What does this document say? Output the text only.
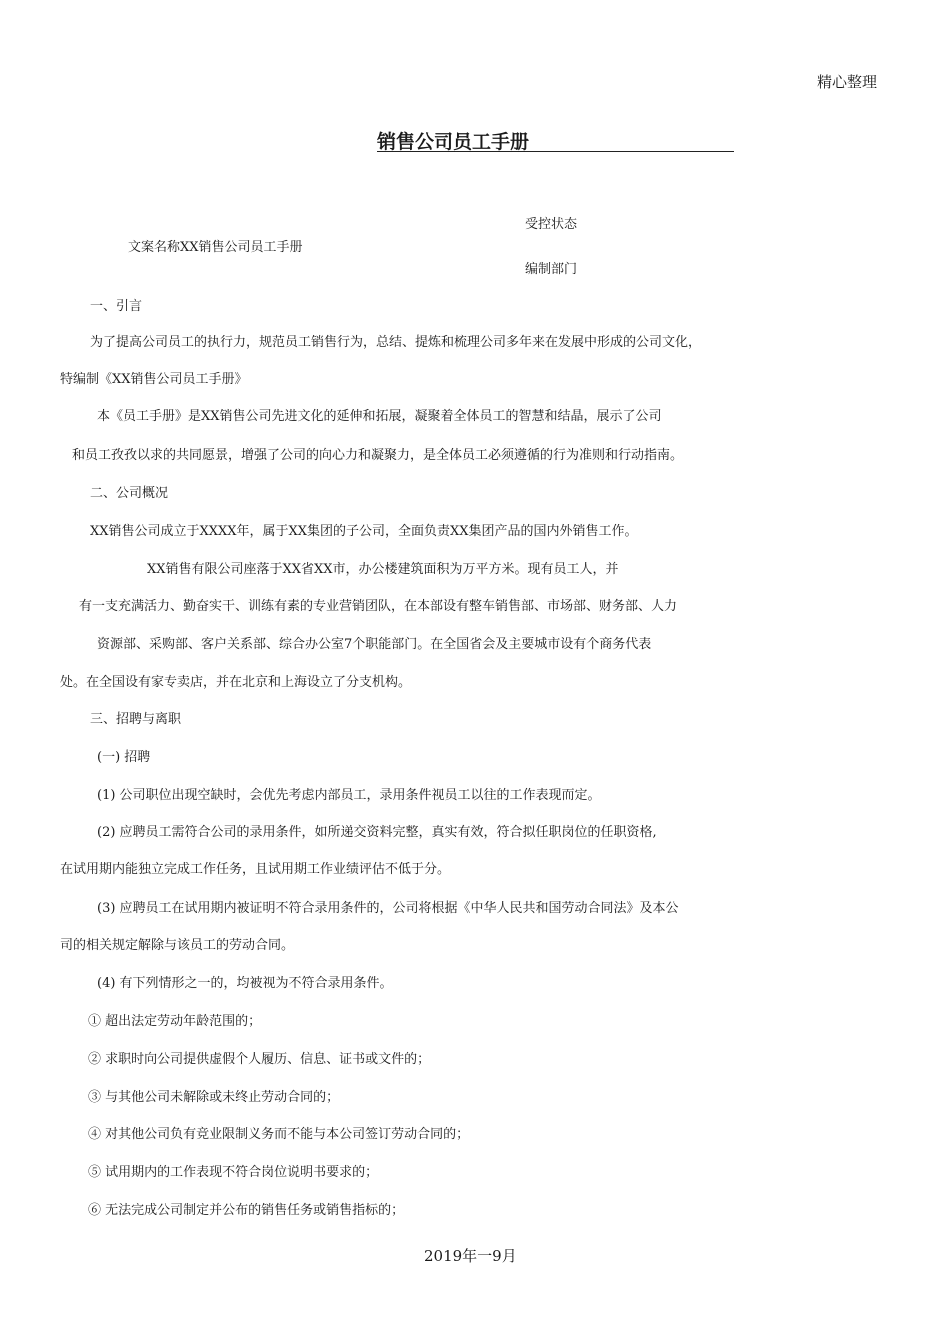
精心整理
销售公司员工手册
受控状态
文案名称XX销售公司员工手册
编制部门
一、引言
为了提高公司员工的执行力，规范员工销售行为，总结、提炼和梳理公司多年来在发展中形成的公司文化，
特编制《XX销售公司员工手册》
本《员工手册》是XX销售公司先进文化的延伸和拓展，凝聚着全体员工的智慧和结晶，展示了公司
和员工孜孜以求的共同愿景，增强了公司的向心力和凝聚力，是全体员工必须遵循的行为准则和行动指南。
二、公司概况
XX销售公司成立于XXXX年，属于XX集团的子公司，全面负责XX集团产品的国内外销售工作。
XX销售有限公司座落于XX省XX市，办公楼建筑面积为万平方米。现有员工人，并
有一支充满活力、勤奋实干、训练有素的专业营销团队，在本部设有整车销售部、市场部、财务部、人力
资源部、采购部、客户关系部、综合办公室7个职能部门。在全国省会及主要城市设有个商务代表
处。在全国设有家专卖店，并在北京和上海设立了分支机构。
三、招聘与离职
(一) 招聘
(1) 公司职位出现空缺时，会优先考虑内部员工，录用条件视员工以往的工作表现而定。
(2) 应聘员工需符合公司的录用条件，如所递交资料完整，真实有效，符合拟任职岗位的任职资格,
在试用期内能独立完成工作任务，且试用期工作业绩评估不低于分。
(3) 应聘员工在试用期内被证明不符合录用条件的，公司将根据《中华人民共和国劳动合同法》及本公
司的相关规定解除与该员工的劳动合同。
(4) 有下列情形之一的，均被视为不符合录用条件。
① 超出法定劳动年龄范围的；
② 求职时向公司提供虚假个人履历、信息、证书或文件的；
③ 与其他公司未解除或未终止劳动合同的；
④ 对其他公司负有竞业限制义务而不能与本公司签订劳动合同的；
⑤ 试用期内的工作表现不符合岗位说明书要求的；
⑥ 无法完成公司制定并公布的销售任务或销售指标的；
2019年一9月
